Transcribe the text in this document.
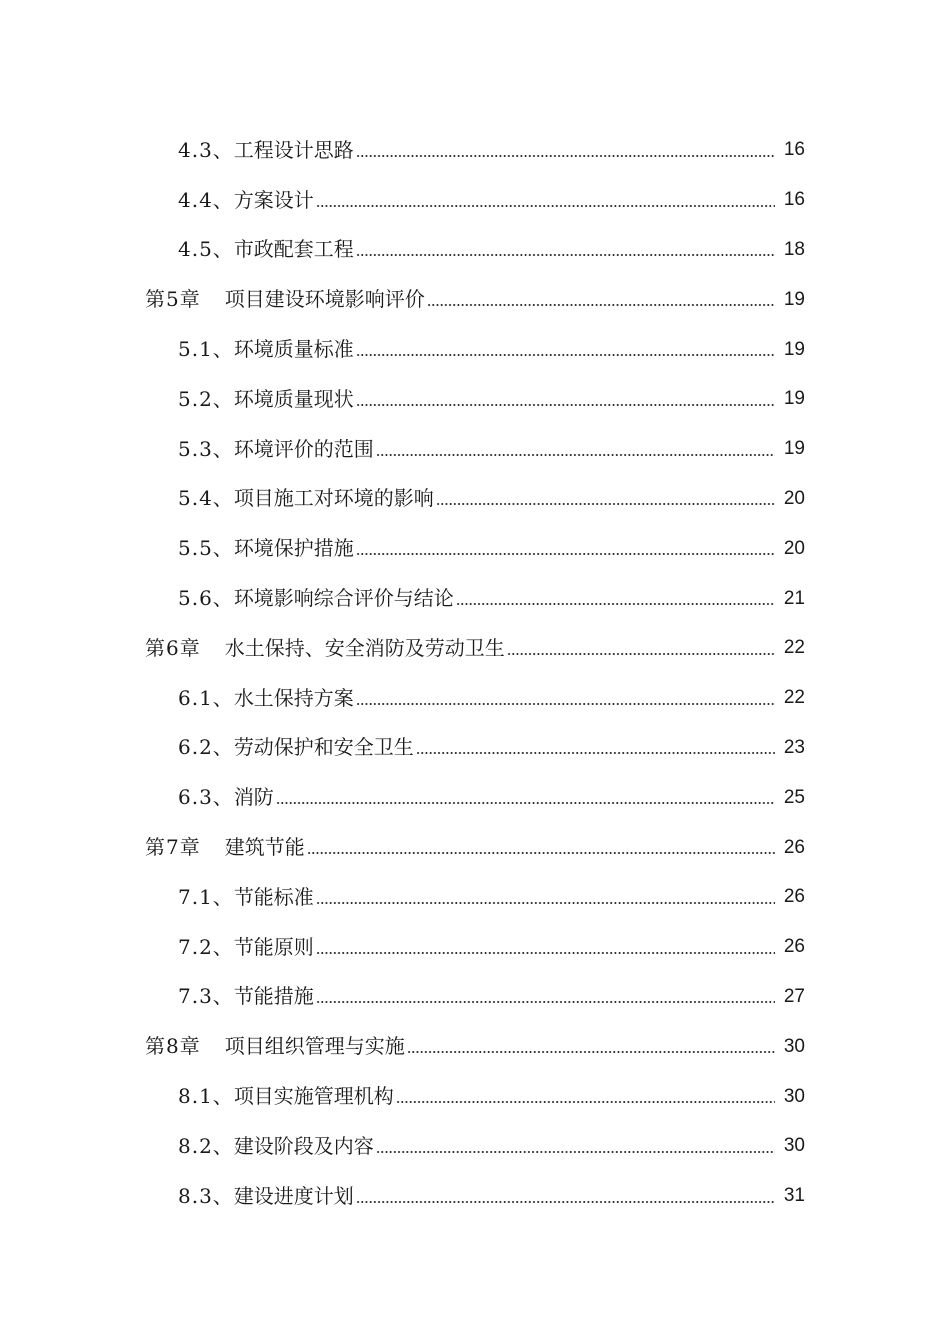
4.3、 工程设计思路	16
4.4、 方案设计	16
4.5、 市政配套工程	18
第5章 项目建设环境影响评价	19
5.1、 环境质量标准	19
5.2、 环境质量现状	19
5.3、 环境评价的范围	19
5.4、 项目施工对环境的影响	20
5.5、 环境保护措施	20
5.6、 环境影响综合评价与结论	21
第6章 水土保持、安全消防及劳动卫生	22
6.1、 水土保持方案	22
6.2、 劳动保护和安全卫生	23
6.3、 消防	25
第7章 建筑节能	26
7.1、 节能标准	26
7.2、 节能原则	26
7.3、 节能措施	27
第8章 项目组织管理与实施	30
8.1、 项目实施管理机构	30
8.2、 建设阶段及内容	30
8.3、 建设进度计划	31
